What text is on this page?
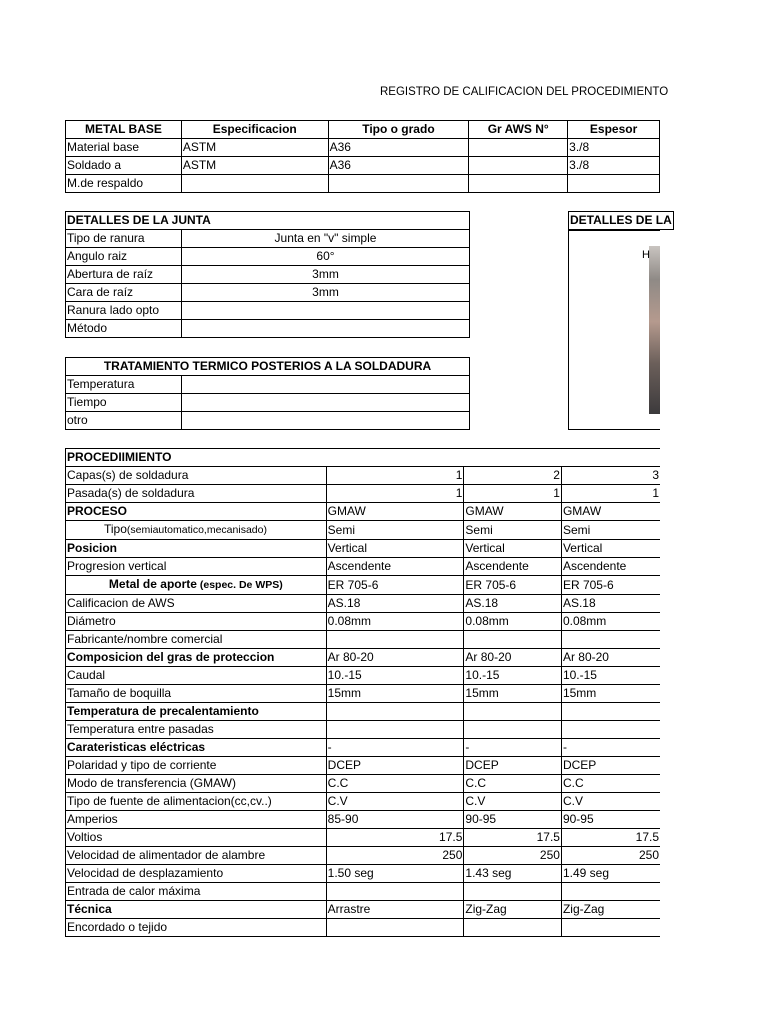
REGISTRO DE CALIFICACION DEL PROCEDIMIENTO
METAL BASE	Especificacion	Tipo o grado	Gr AWS N°	Espesor
Material base	ASTM	A36		3./8
Soldado a	ASTM	A36		3./8
M.de respaldo				
DETALLES DE LA JUNTA	
Tipo de ranura	Junta en "v" simple
Angulo raiz	60°
Abertura de raíz	3mm
Cara de raíz	3mm
Ranura lado opto	
Método	
DETALLES DE LA
H
TRATAMIENTO TERMICO POSTERIOS A LA SOLDADURA	
Temperatura	
Tiempo	
otro	
PROCEDIIMIENTO			
Capas(s) de soldadura	1	2	3
Pasada(s) de soldadura	1	1	1
PROCESO	GMAW	GMAW	GMAW
Tipo(semiautomatico,mecanisado)	Semi	Semi	Semi
Posicion	Vertical	Vertical	Vertical
Progresion vertical	Ascendente	Ascendente	Ascendente
Metal de aporte (espec. De WPS)	ER 705-6	ER 705-6	ER 705-6
Calificacion de AWS	AS.18	AS.18	AS.18
Diámetro	0.08mm	0.08mm	0.08mm
Fabricante/nombre comercial			
Composicion del gras de proteccion	Ar 80-20	Ar 80-20	Ar 80-20
Caudal	10.-15	10.-15	10.-15
Tamaño de boquilla	15mm	15mm	15mm
Temperatura de precalentamiento			
Temperatura entre pasadas			
Carateristicas eléctricas	-	-	-
Polaridad y tipo de corriente	DCEP	DCEP	DCEP
Modo de transferencia (GMAW)	C.C	C.C	C.C
Tipo de fuente de alimentacion(cc,cv..)	C.V	C.V	C.V
Amperios	85-90	90-95	90-95
Voltios	17.5	17.5	17.5
Velocidad de alimentador de alambre	250	250	250
Velocidad de desplazamiento	1.50 seg	1.43 seg	1.49 seg
Entrada de calor máxima			
Técnica	Arrastre	Zig-Zag	Zig-Zag
Encordado o tejido			
